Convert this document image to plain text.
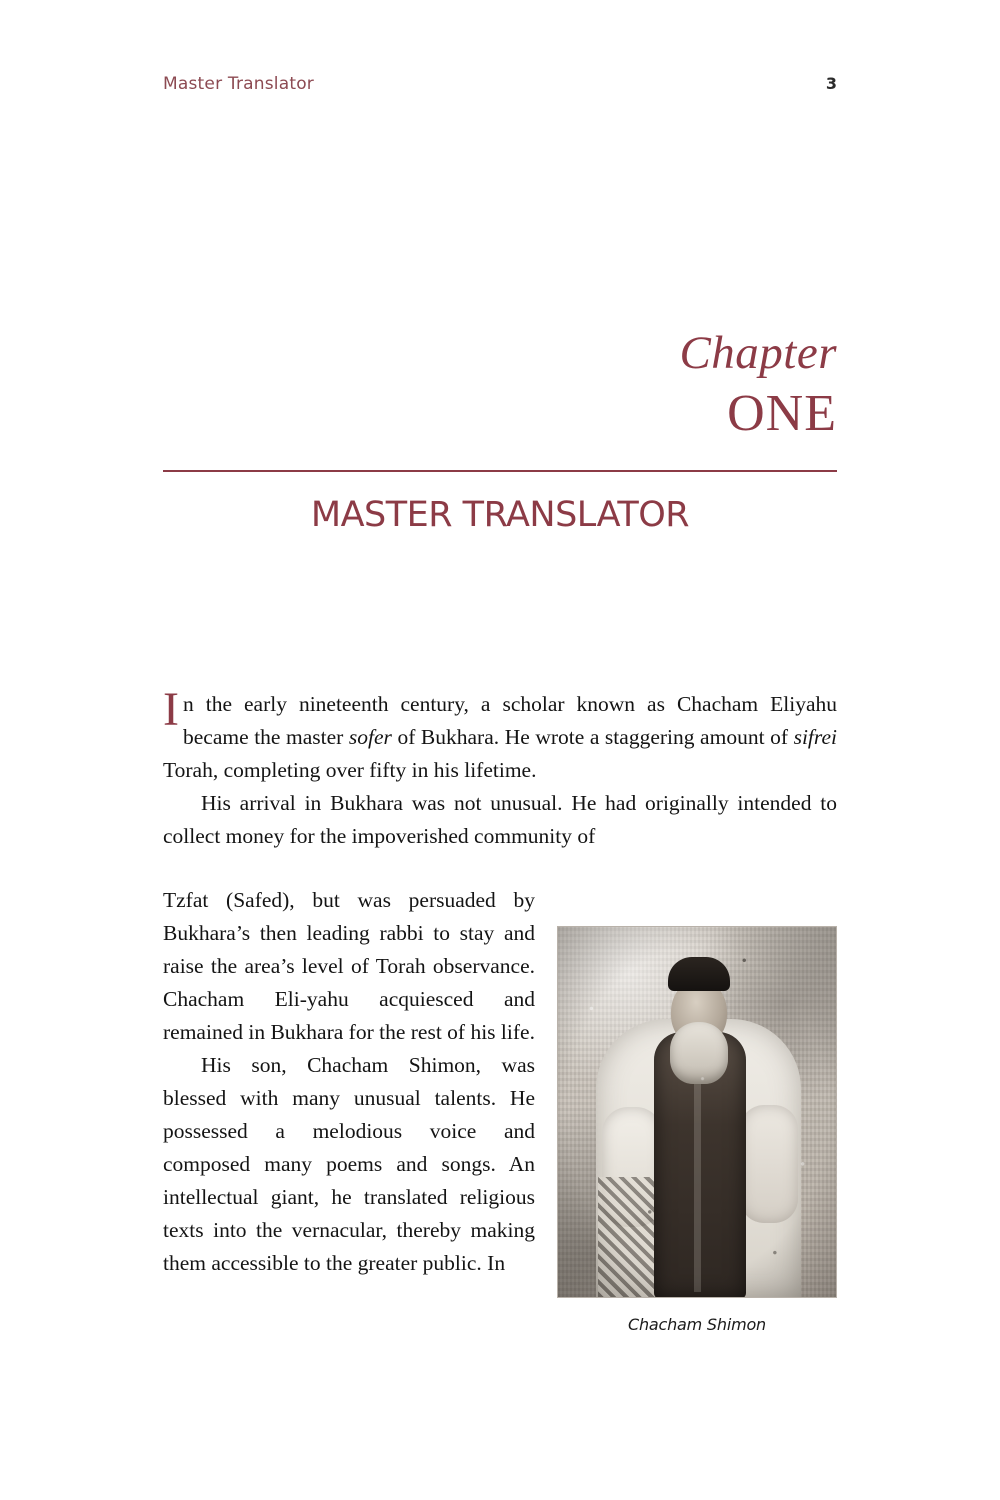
Master Translator	3
Chapter
ONE
MASTER TRANSLATOR

In the early nineteenth century, a scholar known as Chacham Eliyahu became the master sofer of Bukhara. He wrote a staggering amount of sifrei Torah, completing over fifty in his lifetime.

His arrival in Bukhara was not unusual. He had originally intended to collect money for the impoverished community of

Tzfat (Safed), but was persuaded by Bukhara’s then leading rabbi to stay and raise the area’s level of Torah observance. Chacham Eli-yahu acquiesced and remained in Bukhara for the rest of his life.

His son, Chacham Shimon, was blessed with many unusual talents. He possessed a melodious voice and composed many poems and songs. An intellectual giant, he translated religious texts into the vernacular, thereby making them accessible to the greater public. In

Chacham Shimon
